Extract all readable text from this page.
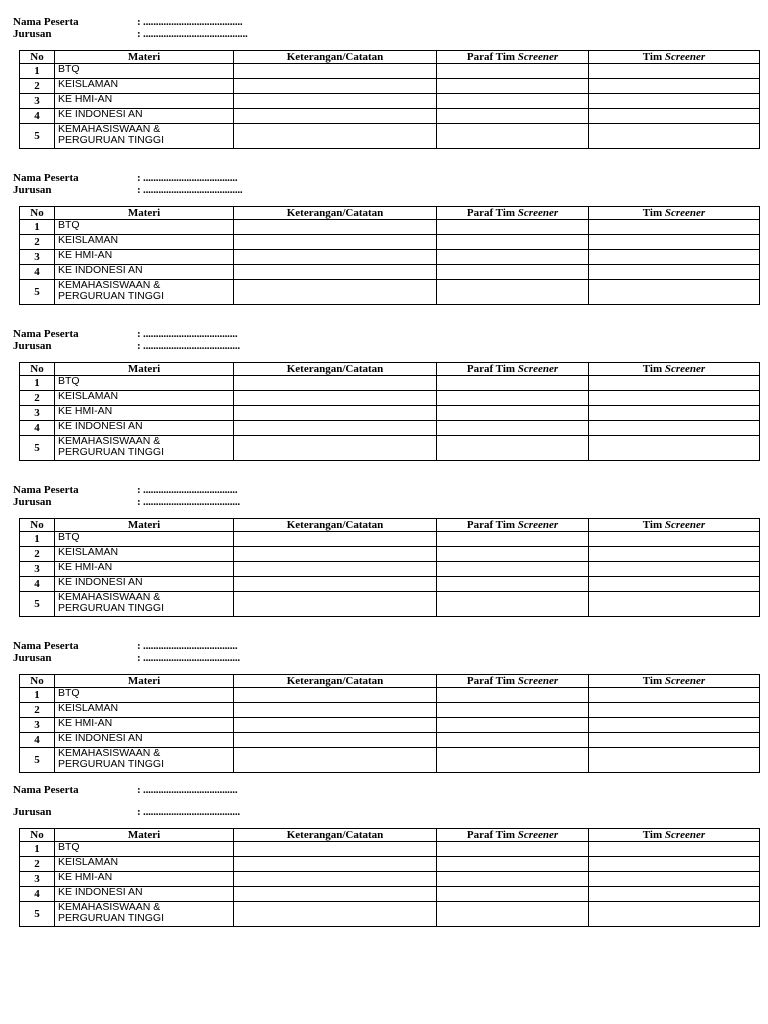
Nama Peserta	: .......................................
Jurusan	: .........................................
No	Materi	Keterangan/Catatan	Paraf Tim Screener	Tim Screener
1	BTQ			
2	KEISLAMAN			
3	KE HMI-AN			
4	KE INDONESI AN			
5	KEMAHASISWAAN &
PERGURUAN TINGGI			
Nama Peserta	: .....................................
Jurusan	: .......................................
No	Materi	Keterangan/Catatan	Paraf Tim Screener	Tim Screener
1	BTQ			
2	KEISLAMAN			
3	KE HMI-AN			
4	KE INDONESI AN			
5	KEMAHASISWAAN &
PERGURUAN TINGGI			
Nama Peserta	: .....................................
Jurusan	: ......................................
No	Materi	Keterangan/Catatan	Paraf Tim Screener	Tim Screener
1	BTQ			
2	KEISLAMAN			
3	KE HMI-AN			
4	KE INDONESI AN			
5	KEMAHASISWAAN &
PERGURUAN TINGGI			
Nama Peserta	: .....................................
Jurusan	: ......................................
No	Materi	Keterangan/Catatan	Paraf Tim Screener	Tim Screener
1	BTQ			
2	KEISLAMAN			
3	KE HMI-AN			
4	KE INDONESI AN			
5	KEMAHASISWAAN &
PERGURUAN TINGGI			
Nama Peserta	: .....................................
Jurusan	: ......................................
No	Materi	Keterangan/Catatan	Paraf Tim Screener	Tim Screener
1	BTQ			
2	KEISLAMAN			
3	KE HMI-AN			
4	KE INDONESI AN			
5	KEMAHASISWAAN &
PERGURUAN TINGGI			
Nama Peserta	: .....................................
Jurusan	: ......................................
No	Materi	Keterangan/Catatan	Paraf Tim Screener	Tim Screener
1	BTQ			
2	KEISLAMAN			
3	KE HMI-AN			
4	KE INDONESI AN			
5	KEMAHASISWAAN &
PERGURUAN TINGGI			
